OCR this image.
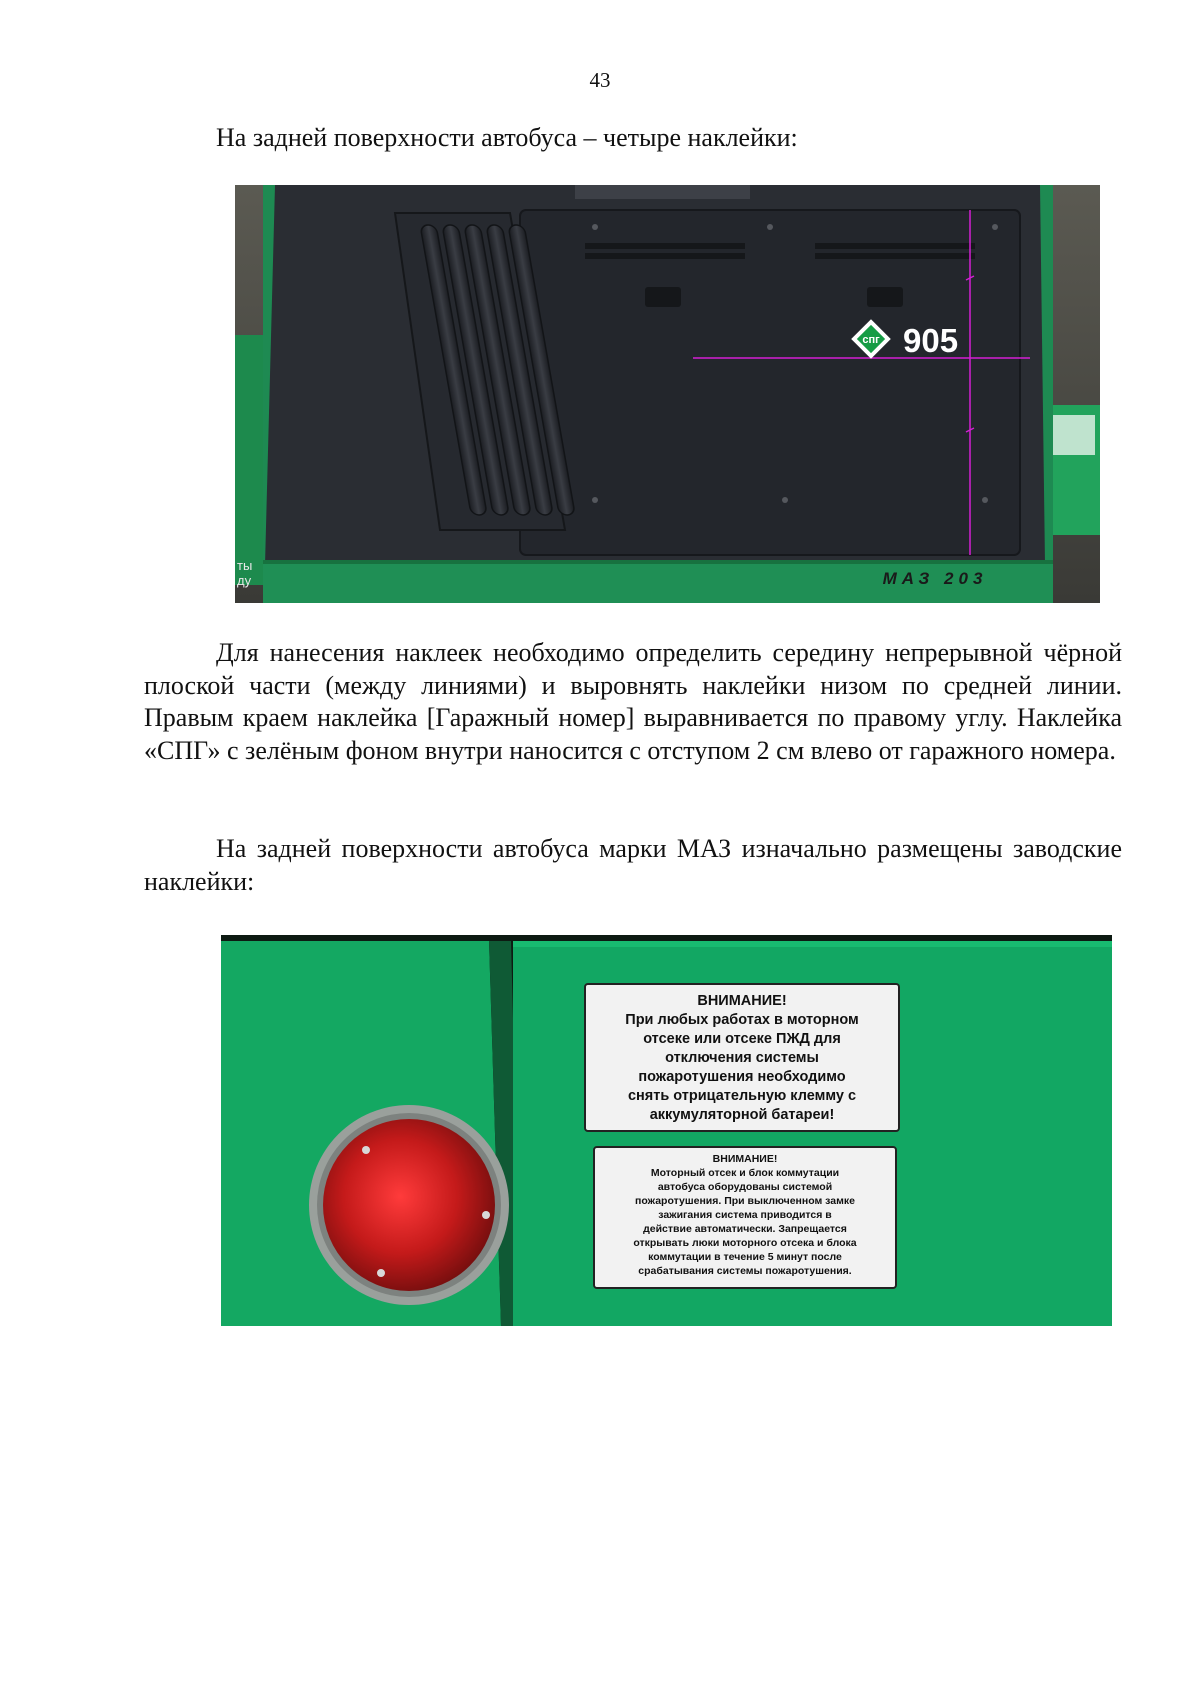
43

На задней поверхности автобуса – четыре наклейки:

МАЗ 203
ты
ду
спг 905

Для нанесения наклеек необходимо определить середину непрерывной чёрной плоской части (между линиями) и выровнять наклейки низом по средней линии. Правым краем наклейка [Гаражный номер] выравнивается по правому углу. Наклейка «СПГ» с зелёным фоном внутри наносится с отступом 2 см влево от гаражного номера.

На задней поверхности автобуса марки МАЗ изначально размещены заводские наклейки:

ВНИМАНИЕ!
При любых работах в моторном
отсеке или отсеке ПЖД для
отключения системы
пожаротушения необходимо
снять отрицательную клемму с
аккумуляторной батареи!
ВНИМАНИЕ!
Моторный отсек и блок коммутации
автобуса оборудованы системой
пожаротушения. При выключенном замке
зажигания система приводится в
действие автоматически. Запрещается
открывать люки моторного отсека и блока
коммутации в течение 5 минут после
срабатывания системы пожаротушения.
